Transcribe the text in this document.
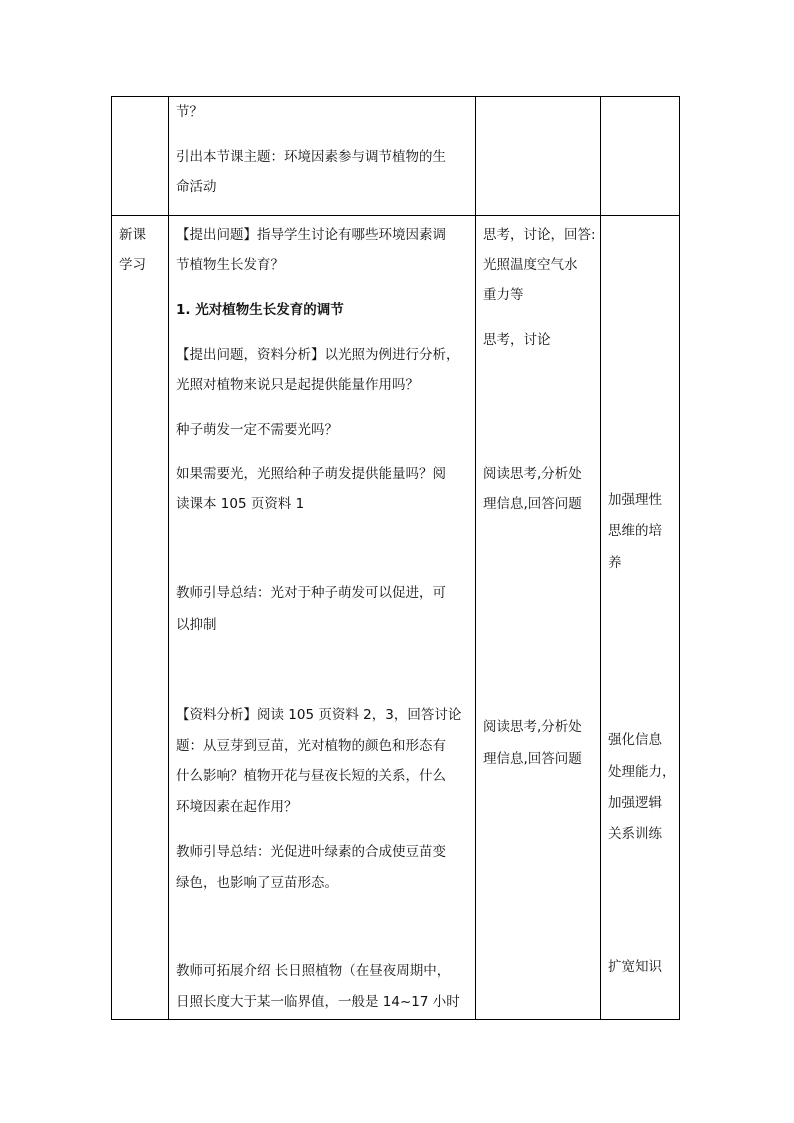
节？
引出本节课主题：环境因素参与调节植物的生
命活动
新课
学习
【提出问题】指导学生讨论有哪些环境因素调
节植物生长发育？
1. 光对植物生长发育的调节
【提出问题，资料分析】以光照为例进行分析，
光照对植物来说只是起提供能量作用吗？
种子萌发一定不需要光吗？
如果需要光，光照给种子萌发提供能量吗？阅
读课本 105 页资料 1
教师引导总结：光对于种子萌发可以促进，可
以抑制
【资料分析】阅读 105 页资料 2，3，回答讨论
题：从豆芽到豆苗，光对植物的颜色和形态有
什么影响？植物开花与昼夜长短的关系，什么
环境因素在起作用？
教师引导总结：光促进叶绿素的合成使豆苗变
绿色，也影响了豆苗形态。
教师可拓展介绍 长日照植物（在昼夜周期中，
日照长度大于某一临界值，一般是 14~17 小时
思考，讨论，回答:
光照温度空气水
重力等
思考，讨论
阅读思考,分析处
理信息,回答问题
阅读思考,分析处
理信息,回答问题
加强理性
思维的培
养
强化信息
处理能力，
加强逻辑
关系训练
扩宽知识
